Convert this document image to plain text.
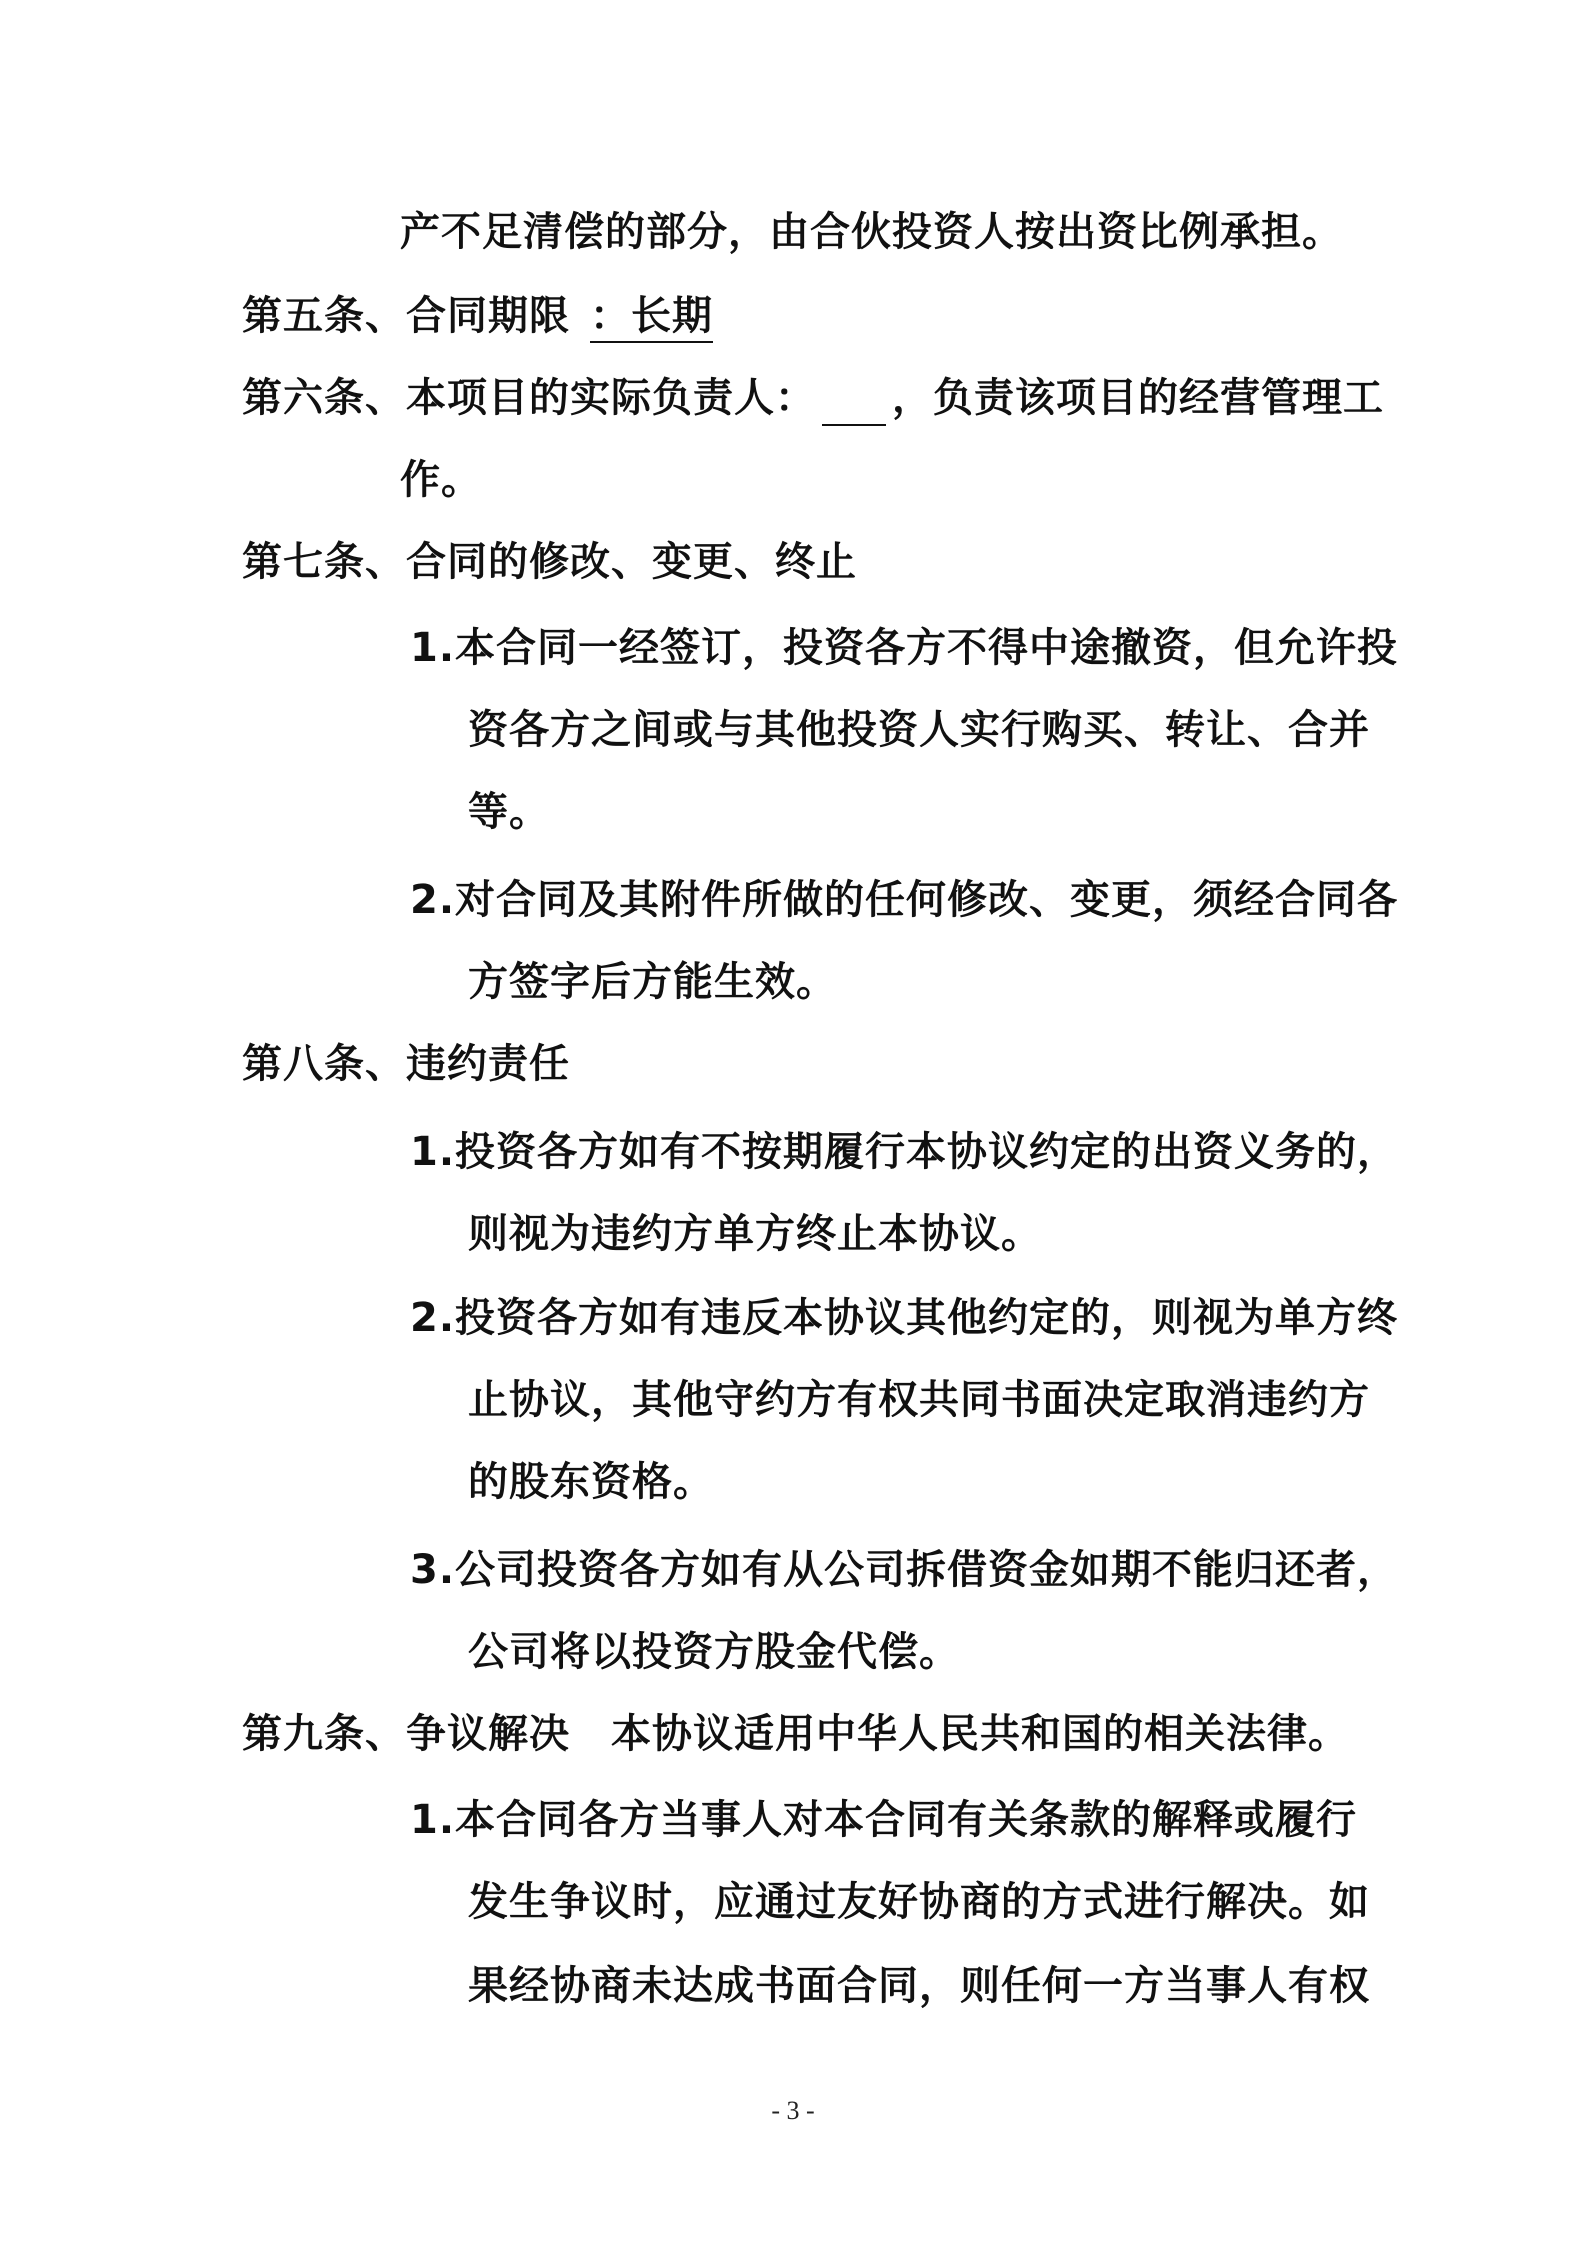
产不足清偿的部分，由合伙投资人按出资比例承担。
第五条、合同期限 ：长期
第六条、本项目的实际负责人： ，负责该项目的经营管理工
作。
第七条、合同的修改、变更、终止
1.本合同一经签订，投资各方不得中途撤资，但允许投
资各方之间或与其他投资人实行购买、转让、合并
等。
2.对合同及其附件所做的任何修改、变更，须经合同各
方签字后方能生效。
第八条、违约责任
1.投资各方如有不按期履行本协议约定的出资义务的，
则视为违约方单方终止本协议。
2.投资各方如有违反本协议其他约定的，则视为单方终
止协议，其他守约方有权共同书面决定取消违约方
的股东资格。
3.公司投资各方如有从公司拆借资金如期不能归还者，
公司将以投资方股金代偿。
第九条、争议解决　本协议适用中华人民共和国的相关法律。
1.本合同各方当事人对本合同有关条款的解释或履行
发生争议时，应通过友好协商的方式进行解决。如
果经协商未达成书面合同，则任何一方当事人有权
- 3 -
